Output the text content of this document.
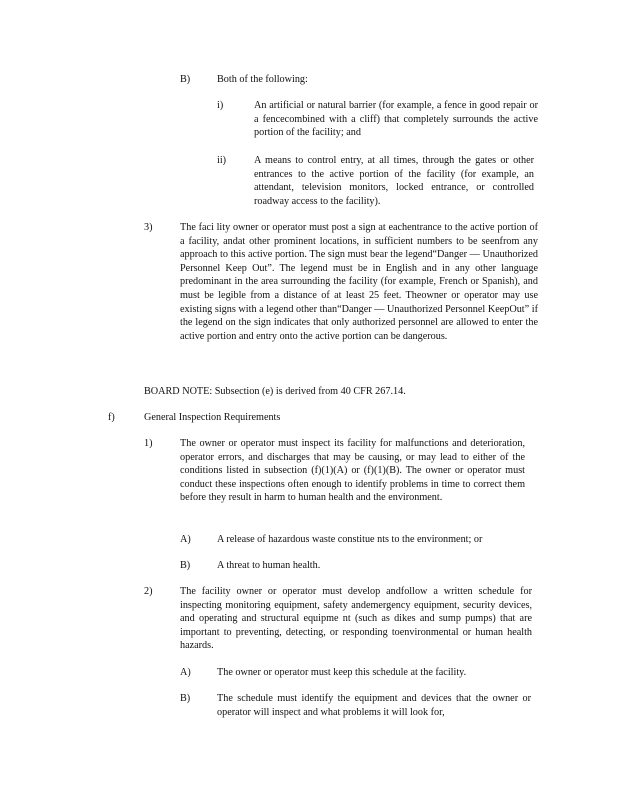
B)	Both of the following:
i)	An artificial or natural barrier (for example, a fence in good repair or a fencecombined with a cliff) that completely surrounds the active portion of the facility; and
ii)	A means to control entry, at all times, through the gates or other entrances to the active portion of the facility (for example, an attendant, television monitors, locked entrance, or controlled roadway access to the facility).
3)	The faci lity owner or operator must post a sign at eachentrance to the active portion of a facility, andat other prominent locations, in sufficient numbers to be seenfrom any approach to this active portion. The sign must bear the legend“Danger — Unauthorized Personnel Keep Out”. The legend must be in English and in any other language predominant in the area surrounding the facility (for example, French or Spanish), and must be legible from a distance of at least 25 feet. Theowner or operator may use existing signs with a legend other than“Danger — Unauthorized Personnel KeepOut” if the legend on the sign indicates that only authorized personnel are allowed to enter the active portion and entry onto the active portion can be dangerous.
BOARD NOTE: Subsection (e) is derived from 40 CFR 267.14.
f)	General Inspection Requirements
1)	The owner or operator must inspect its facility for malfunctions and deterioration, operator errors, and discharges that may be causing, or may lead to either of the conditions listed in subsection (f)(1)(A) or (f)(1)(B). The owner or operator must conduct these inspections often enough to identify problems in time to correct them before they result in harm to human health and the environment.
A)	A release of hazardous waste constitue nts to the environment; or
B)	A threat to human health.
2)	The facility owner or operator must develop andfollow a written schedule for inspecting monitoring equipment, safety andemergency equipment, security devices, and operating and structural equipme nt (such as dikes and sump pumps) that are important to preventing, detecting, or responding toenvironmental or human health hazards.
A)	The owner or operator must keep this schedule at the facility.
B)	The schedule must identify the equipment and devices that the owner or operator will inspect and what problems it will look for,
